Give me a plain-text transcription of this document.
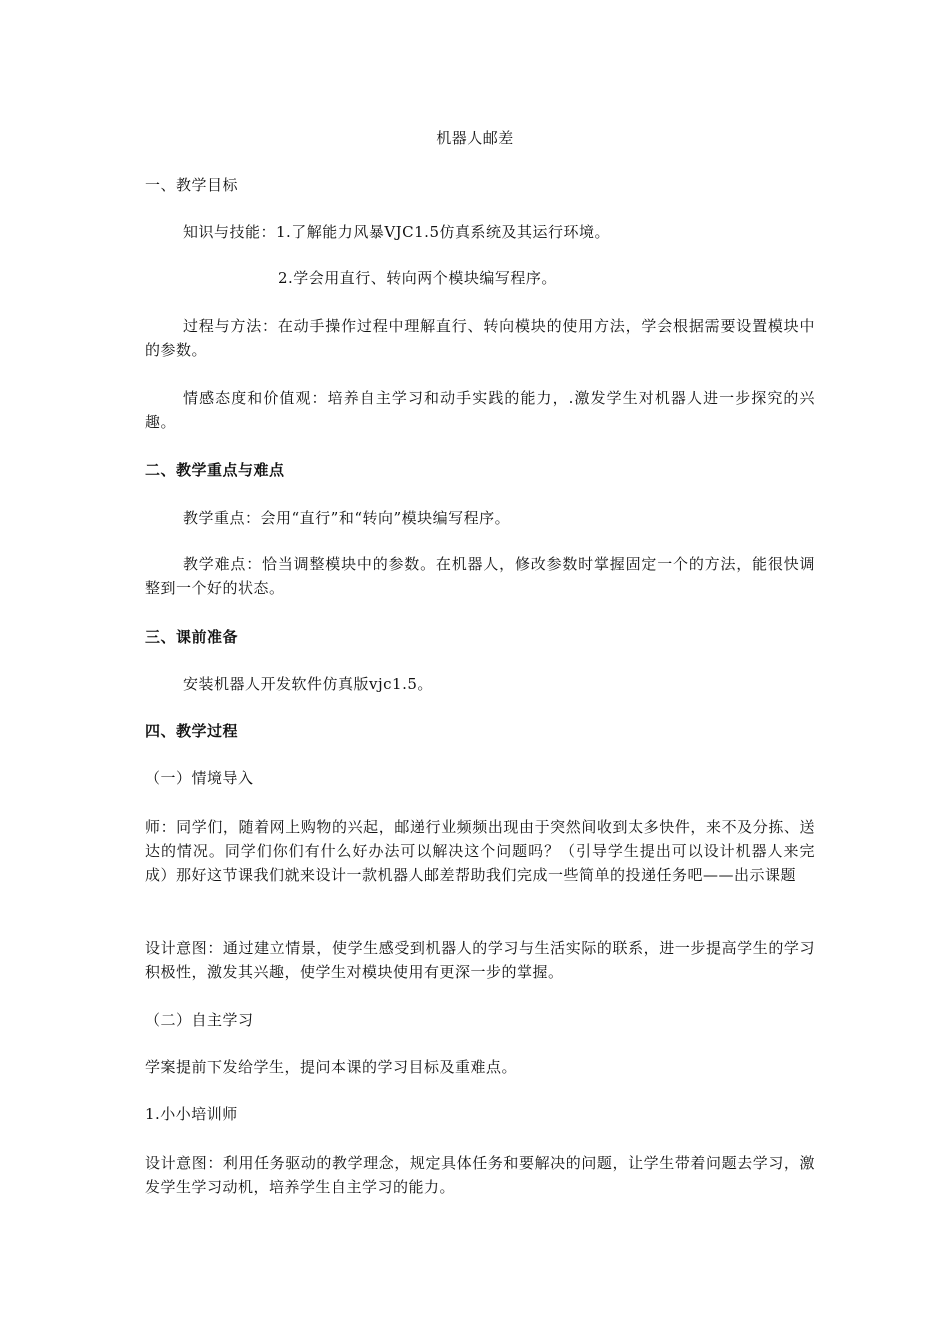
机器人邮差
一、教学目标
知识与技能：1.了解能力风暴VJC1.5仿真系统及其运行环境。
2.学会用直行、转向两个模块编写程序。
过程与方法：在动手操作过程中理解直行、转向模块的使用方法，学会根据需要设置模块中的参数。
情感态度和价值观：培养自主学习和动手实践的能力，.激发学生对机器人进一步探究的兴趣。
二、教学重点与难点
教学重点：会用“直行”和“转向”模块编写程序。
教学难点：恰当调整模块中的参数。在机器人，修改参数时掌握固定一个的方法，能很快调整到一个好的状态。
三、课前准备
安装机器人开发软件仿真版vjc1.5。
四、教学过程
（一）情境导入
师：同学们，随着网上购物的兴起，邮递行业频频出现由于突然间收到太多快件，来不及分拣、送达的情况。同学们你们有什么好办法可以解决这个问题吗？（引导学生提出可以设计机器人来完成）那好这节课我们就来设计一款机器人邮差帮助我们完成一些简单的投递任务吧——出示课题
设计意图：通过建立情景，使学生感受到机器人的学习与生活实际的联系，进一步提高学生的学习积极性，激发其兴趣，使学生对模块使用有更深一步的掌握。
（二）自主学习
学案提前下发给学生，提问本课的学习目标及重难点。
1.小小培训师
设计意图：利用任务驱动的教学理念，规定具体任务和要解决的问题，让学生带着问题去学习，激发学生学习动机，培养学生自主学习的能力。
